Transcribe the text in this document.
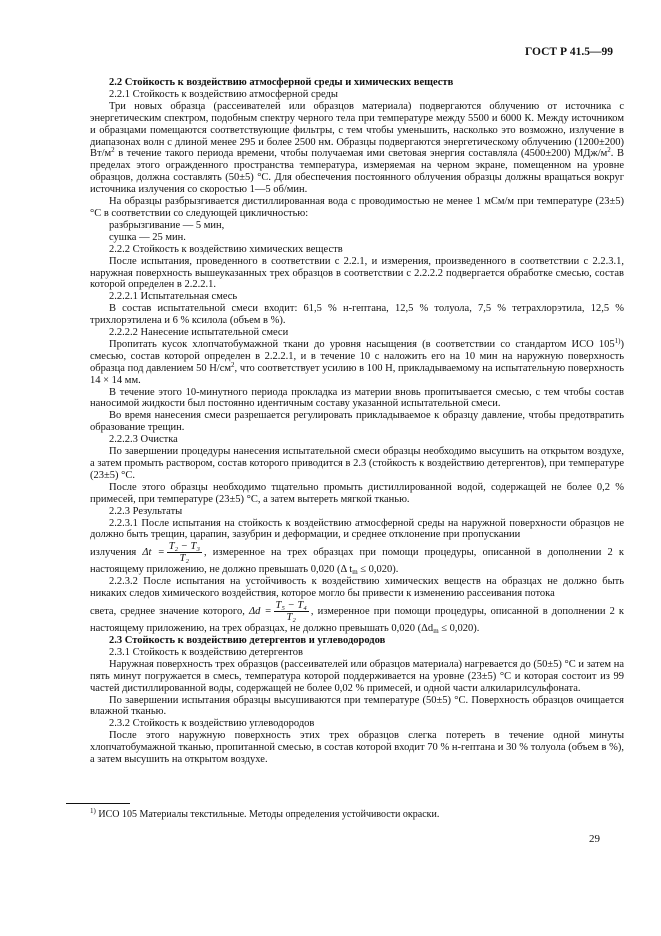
ГОСТ Р 41.5—99

2.2 Стойкость к воздействию атмосферной среды и химических веществ

2.2.1 Стойкость к воздействию атмосферной среды

Три новых образца (рассеивателей или образцов материала) подвергаются облучению от источника с энергетическим спектром, подобным спектру черного тела при температуре между 5500 и 6000 К. Между источником и образцами помещаются соответствующие фильтры, с тем чтобы уменьшить, насколько это возможно, излучение в диапазонах волн с длиной менее 295 и более 2500 нм. Образцы подвергаются энергетическому облучению (1200±200) $Вт/м^2$ в течение такого периода времени, чтобы получаемая ими световая энергия составляла (4500±200) МДж/$м^2$. В пределах этого огражденного пространства температура, измеряемая на черном экране, помещенном на уровне образцов, должна составлять (50±5) °С. Для обеспечения постоянного облучения образцы должны вращаться вокруг источника излучения со скоростью 1—5 об/мин.

На образцы разбрызгивается дистиллированная вода с проводимостью не менее 1 мСм/м при температуре (23±5) °С в соответствии со следующей цикличностью:

разбрызгивание — 5 мин,

сушка — 25 мин.

2.2.2 Стойкость к воздействию химических веществ

После испытания, проведенного в соответствии с 2.2.1, и измерения, произведенного в соответствии с 2.2.3.1, наружная поверхность вышеуказанных трех образцов в соответствии с 2.2.2.2 подвергается обработке смесью, состав которой определен в 2.2.2.1.

2.2.2.1 Испытательная смесь

В состав испытательной смеси входит: 61,5 % н-гептана, 12,5 % толуола, 7,5 % тетрахлорэтила, 12,5 % трихлорэтилена и 6 % ксилола (объем в %).

2.2.2.2 Нанесение испытательной смеси

Пропитать кусок хлопчатобумажной ткани до уровня насыщения (в соответствии со стандартом ИСО 105$^{1)}$) смесью, состав которой определен в 2.2.2.1, и в течение 10 с наложить его на 10 мин на наружную поверхность образца под давлением 50 $Н/см^2$, что соответствует усилию в 100 Н, прикладываемому на испытательную поверхность 14 × 14 мм.

В течение этого 10-минутного периода прокладка из материи вновь пропитывается смесью, с тем чтобы состав наносимой жидкости был постоянно идентичным составу указанной испытательной смеси.

Во время нанесения смеси разрешается регулировать прикладываемое к образцу давление, чтобы предотвратить образование трещин.

2.2.2.3 Очистка

По завершении процедуры нанесения испытательной смеси образцы необходимо высушить на открытом воздухе, а затем промыть раствором, состав которого приводится в 2.3 (стойкость к воздействию детергентов), при температуре (23±5) °С.

После этого образцы необходимо тщательно промыть дистиллированной водой, содержащей не более 0,2 % примесей, при температуре (23±5) °С, а затем вытереть мягкой тканью.

2.2.3 Результаты

2.2.3.1 После испытания на стойкость к воздействию атмосферной среды на наружной поверхности образцов не должно быть трещин, царапин, зазубрин и деформации, и среднее отклонение при пропускании

излучения $\Delta t = \frac{\text{T₂ − T₃}}{\text{T₂}}$ , измеренное на трех образцах при помощи процедуры, описанной в дополнении 2 к настоящему приложению, не должно превышать 0,020 (Δ $t_m \le 0,020$).

2.2.3.2 После испытания на устойчивость к воздействию химических веществ на образцах не должно быть никаких следов химического воздействия, которое могло бы привести к изменению рассеивания потока

света, среднее значение которого, $\Delta d = \frac{\text{T₅ − T₄}}{\text{T₂}}$ , измеренное при помощи процедуры, описанной в дополнении 2 к настоящему приложению, на трех образцах, не должно превышать 0,020 $(\Delta d_m \le 0,020)$.

2.3 Стойкость к воздействию детергентов и углеводородов

2.3.1 Стойкость к воздействию детергентов

Наружная поверхность трех образцов (рассеивателей или образцов материала) нагревается до (50±5) °С и затем на пять минут погружается в смесь, температура которой поддерживается на уровне (23±5) °С и которая состоит из 99 частей дистиллированной воды, содержащей не более 0,02 % примесей, и одной части алкиларилсульфоната.

По завершении испытания образцы высушиваются при температуре (50±5) °С. Поверхность образцов очищается влажной тканью.

2.3.2 Стойкость к воздействию углеводородов

После этого наружную поверхность этих трех образцов слегка потереть в течение одной минуты хлопчатобумажной тканью, пропитанной смесью, в состав которой входит 70 % н-гептана и 30 % толуола (объем в %), а затем высушить на открытом воздухе.

$^{1)}$ ИСО 105 Материалы текстильные. Методы определения устойчивости окраски.
29
